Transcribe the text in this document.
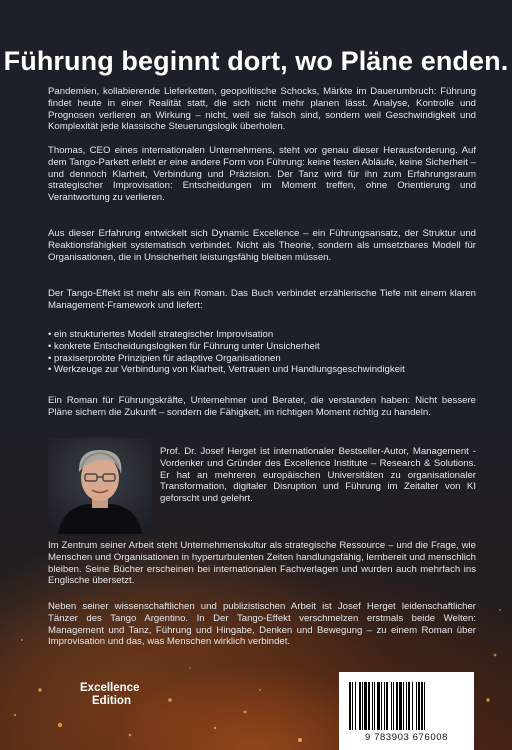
Führung beginnt dort, wo Pläne enden.

Pandemien, kollabierende Lieferketten, geopolitische Schocks, Märkte im Dauerumbruch: Führung findet heute in einer Realität statt, die sich nicht mehr planen lässt. Analyse, Kontrolle und Prognosen verlieren an Wirkung – nicht, weil sie falsch sind, sondern weil Geschwindigkeit und Komplexität jede klassische Steuerungslogik überholen.

Thomas, CEO eines internationalen Unternehmens, steht vor genau dieser Herausforderung. Auf dem Tango-Parkett erlebt er eine andere Form von Führung: keine festen Abläufe, keine Sicherheit – und dennoch Klarheit, Verbindung und Präzision. Der Tanz wird für ihn zum Erfahrungsraum strategischer Improvisation: Entscheidungen im Moment treffen, ohne Orientierung und Verantwortung zu verlieren.

Aus dieser Erfahrung entwickelt sich Dynamic Excellence – ein Führungsansatz, der Struktur und Reaktionsfähigkeit systematisch verbindet. Nicht als Theorie, sondern als umsetzbares Modell für Organisationen, die in Unsicherheit leistungsfähig bleiben müssen.

Der Tango-Effekt ist mehr als ein Roman. Das Buch verbindet erzählerische Tiefe mit einem klaren Management-Framework und liefert:

• ein strukturiertes Modell strategischer Improvisation
• konkrete Entscheidungslogiken für Führung unter Unsicherheit
• praxiserprobte Prinzipien für adaptive Organisationen
• Werkzeuge zur Verbindung von Klarheit, Vertrauen und Handlungsgeschwindigkeit

Ein Roman für Führungskräfte, Unternehmer und Berater, die verstanden haben: Nicht bessere Pläne sichern die Zukunft – sondern die Fähigkeit, im richtigen Moment richtig zu handeln.

Prof. Dr. Josef Herget ist internationaler Bestseller-Autor, Management -Vordenker und Gründer des Excellence Institute – Research & Solutions. Er hat an mehreren europäischen Universitäten zu organisationaler Transformation, digitaler Disruption und Führung im Zeitalter von KI geforscht und gelehrt.

Im Zentrum seiner Arbeit steht Unternehmenskultur als strategische Ressource – und die Frage, wie Menschen und Organisationen in hyperturbulenten Zeiten handlungsfähig, lernbereit und menschlich bleiben. Seine Bücher erscheinen bei internationalen Fachverlagen und wurden auch mehrfach ins Englische übersetzt.

Neben seiner wissenschaftlichen und publizistischen Arbeit ist Josef Herget leidenschaftlicher Tänzer des Tango Argentino. In Der Tango-Effekt verschmelzen erstmals beide Welten: Management und Tanz, Führung und Hingabe, Denken und Bewegung – zu einem Roman über Improvisation und das, was Menschen wirklich verbindet.

Excellence
Edition
9 783903 676008
